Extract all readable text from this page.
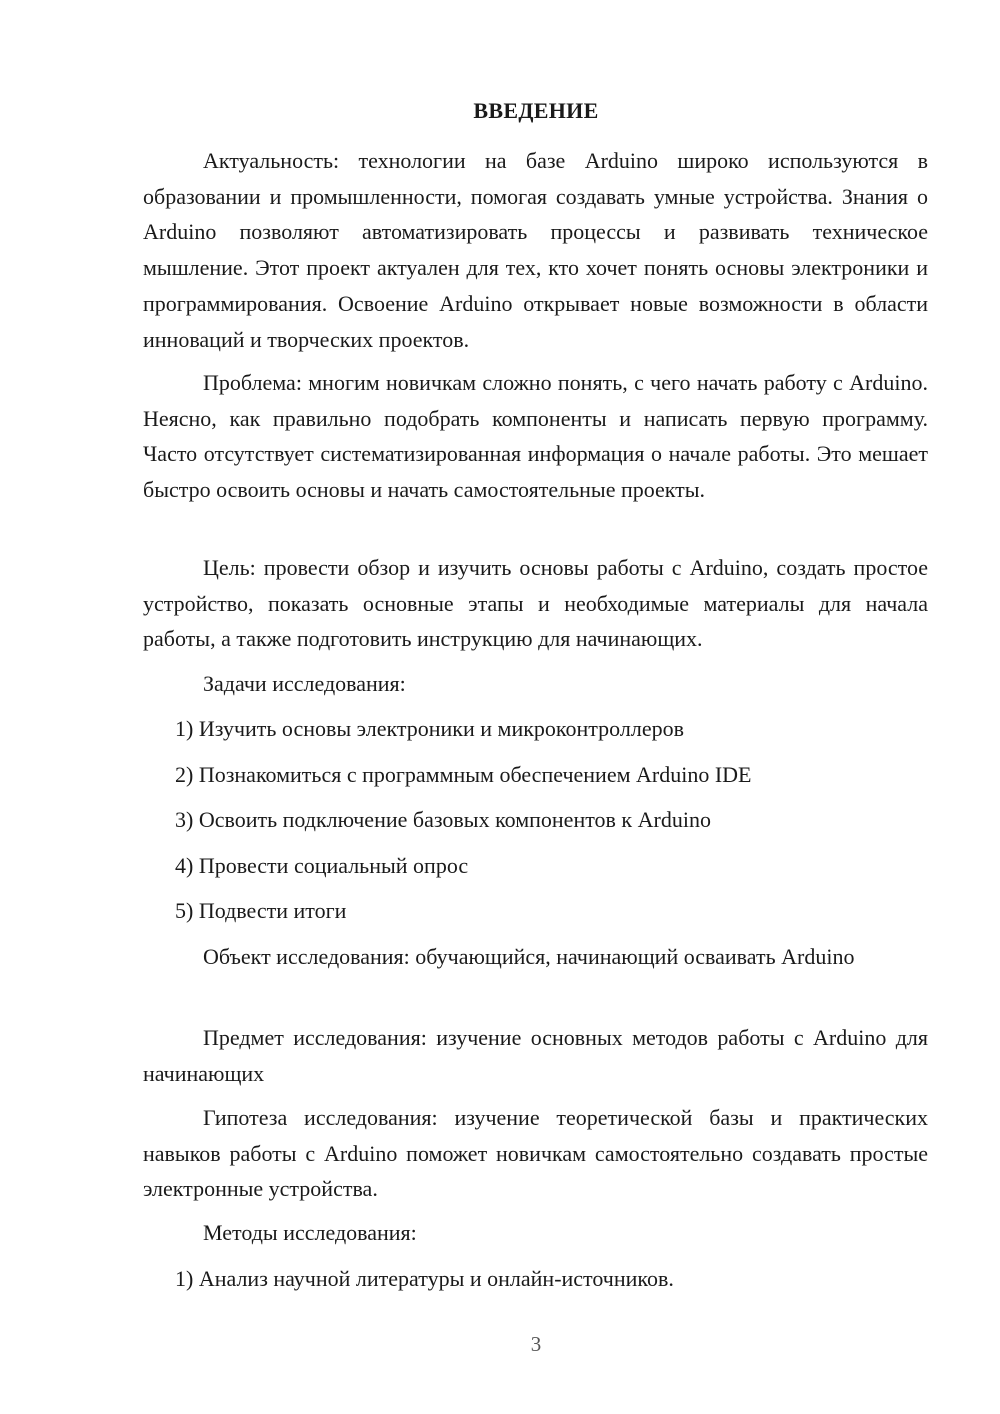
ВВЕДЕНИЕ
Актуальность: технологии на базе Arduino широко используются в образовании и промышленности, помогая создавать умные устройства. Знания о Arduino позволяют автоматизировать процессы и развивать техническое мышление. Этот проект актуален для тех, кто хочет понять основы электроники и программирования. Освоение Arduino открывает новые возможности в области инноваций и творческих проектов.
Проблема: многим новичкам сложно понять, с чего начать работу с Arduino. Неясно, как правильно подобрать компоненты и написать первую программу. Часто отсутствует систематизированная информация о начале работы. Это мешает быстро освоить основы и начать самостоятельные проекты.
Цель: провести обзор и изучить основы работы с Arduino, создать простое устройство, показать основные этапы и необходимые материалы для начала работы, а также подготовить инструкцию для начинающих.
Задачи исследования:
1) Изучить основы электроники и микроконтроллеров
2) Познакомиться с программным обеспечением Arduino IDE
3) Освоить подключение базовых компонентов к Arduino
4) Провести социальный опрос
5) Подвести итоги
Объект исследования: обучающийся, начинающий осваивать Arduino
Предмет исследования: изучение основных методов работы с Arduino для начинающих
Гипотеза исследования: изучение теоретической базы и практических навыков работы с Arduino поможет новичкам самостоятельно создавать простые электронные устройства.
Методы исследования:
1) Анализ научной литературы и онлайн-источников.
3
